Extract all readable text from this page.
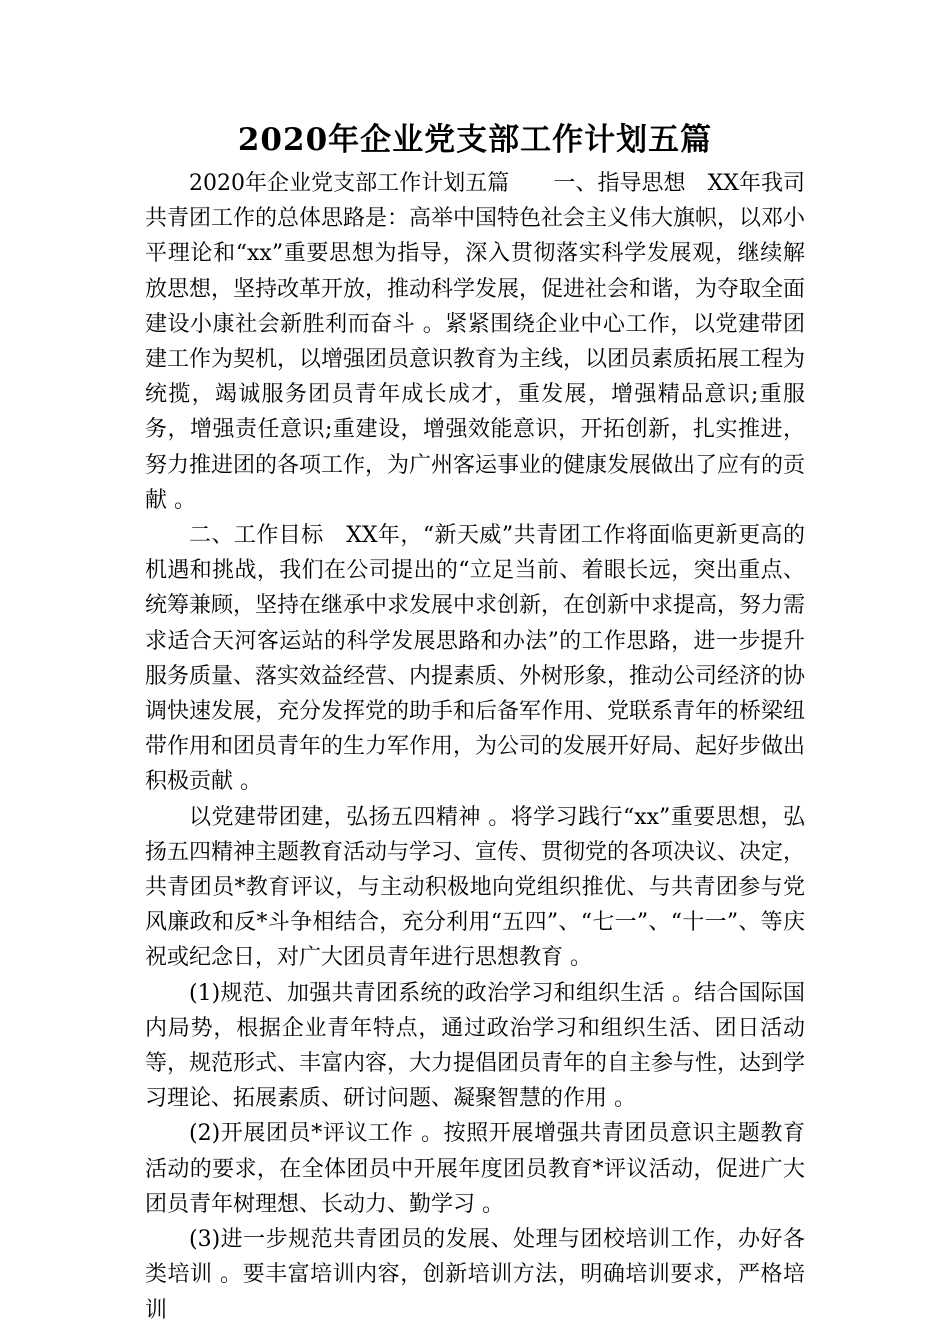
2020年企业党支部工作计划五篇

2020年企业党支部工作计划五篇　　一、指导思想　XX年我司共青团工作的总体思路是：高举中国特色社会主义伟大旗帜，以邓小平理论和“xx”重要思想为指导，深入贯彻落实科学发展观，继续解放思想，坚持改革开放，推动科学发展，促进社会和谐，为夺取全面建设小康社会新胜利而奋斗 。紧紧围绕企业中心工作，以党建带团建工作为契机，以增强团员意识教育为主线，以团员素质拓展工程为统揽，竭诚服务团员青年成长成才，重发展，增强精品意识;重服务，增强责任意识;重建设，增强效能意识，开拓创新，扎实推进，努力推进团的各项工作，为广州客运事业的健康发展做出了应有的贡献 。

二、工作目标　XX年，“新天威”共青团工作将面临更新更高的机遇和挑战，我们在公司提出的“立足当前、着眼长远，突出重点、统筹兼顾，坚持在继承中求发展中求创新，在创新中求提高，努力需求适合天河客运站的科学发展思路和办法”的工作思路，进一步提升服务质量、落实效益经营、内提素质、外树形象，推动公司经济的协调快速发展，充分发挥党的助手和后备军作用、党联系青年的桥梁纽带作用和团员青年的生力军作用，为公司的发展开好局、起好步做出积极贡献 。

以党建带团建，弘扬五四精神 。将学习践行“xx”重要思想，弘扬五四精神主题教育活动与学习、宣传、贯彻党的各项决议、决定，共青团员*教育评议，与主动积极地向党组织推优、与共青团参与党风廉政和反*斗争相结合，充分利用“五四”、“七一”、“十一”、等庆祝或纪念日，对广大团员青年进行思想教育 。

(1)规范、加强共青团系统的政治学习和组织生活 。结合国际国内局势，根据企业青年特点，通过政治学习和组织生活、团日活动等，规范形式、丰富内容，大力提倡团员青年的自主参与性，达到学习理论、拓展素质、研讨问题、凝聚智慧的作用 。

(2)开展团员*评议工作 。按照开展增强共青团员意识主题教育活动的要求，在全体团员中开展年度团员教育*评议活动，促进广大团员青年树理想、长动力、勤学习 。

(3)进一步规范共青团员的发展、处理与团校培训工作，办好各类培训 。要丰富培训内容，创新培训方法，明确培训要求，严格培训
